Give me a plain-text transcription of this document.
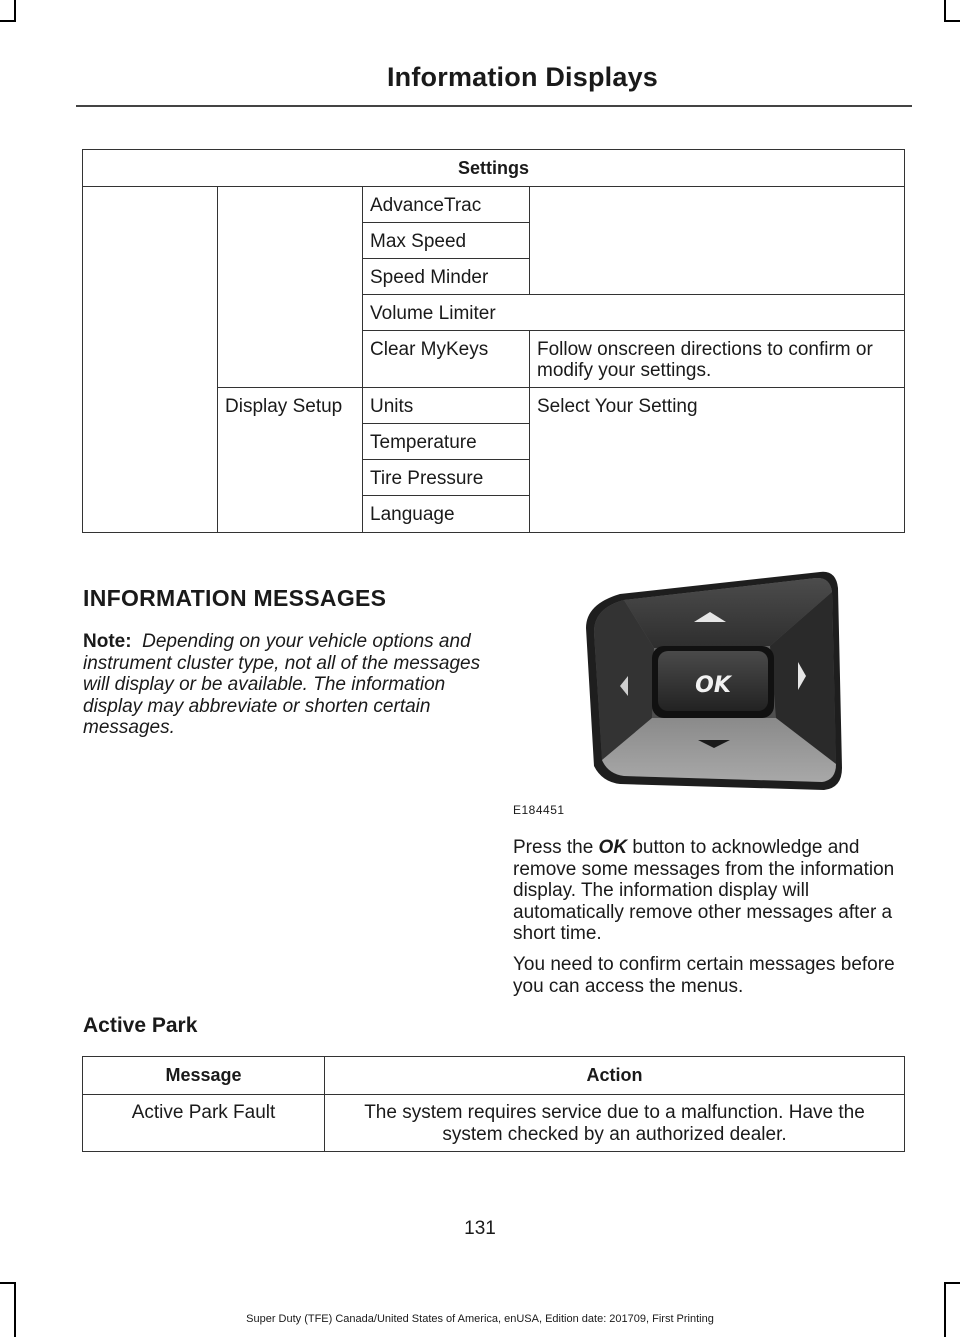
Information Displays
Settings			
		AdvanceTrac	
		Max Speed	
		Speed Minder	
		Volume Limiter	
		Clear MyKeys	Follow onscreen directions to confirm or modify your settings.
	Display Setup	Units	Select Your Setting
		Temperature	
		Tire Pressure	
		Language	
INFORMATION MESSAGES
Note: Depending on your vehicle options and instrument cluster type, not all of the messages will display or be available. The information display may abbreviate or shorten certain messages.
OK
E184451
Press the OK button to acknowledge and remove some messages from the information display. The information display will automatically remove other messages after a short time.
You need to confirm certain messages before you can access the menus.
Active Park
Message	Action
Active Park Fault	The system requires service due to a malfunction. Have the system checked by an authorized dealer.
131
Super Duty (TFE) Canada/United States of America, enUSA, Edition date: 201709, First Printing
